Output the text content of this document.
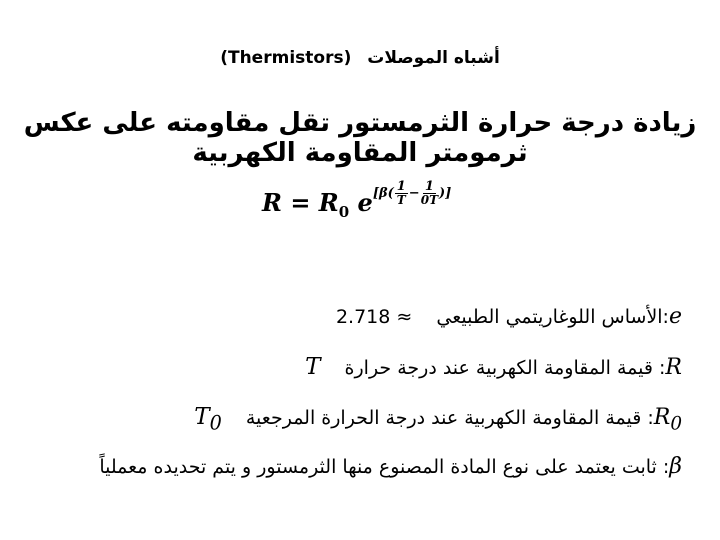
(Thermistors) أشباه الموصلات
زيادة درجة حرارة الثرمستور تقل مقاومته على عكس ثرمومتر المقاومة الكهربية
$R = R_0$ e [$\beta( \frac{1}{T} - \frac{1}{0T}$ )]
e:الأساس اللوغاريتمي الطبيعي  2.718 ≈
R: قيمة المقاومة الكهربية عند درجة حرارة  T
$R_0$: قيمة المقاومة الكهربية عند درجة الحرارة المرجعية  $T_0$
β: ثابت يعتمد على نوع المادة المصنوع منها الثرمستور و يتم تحديده معملياً
